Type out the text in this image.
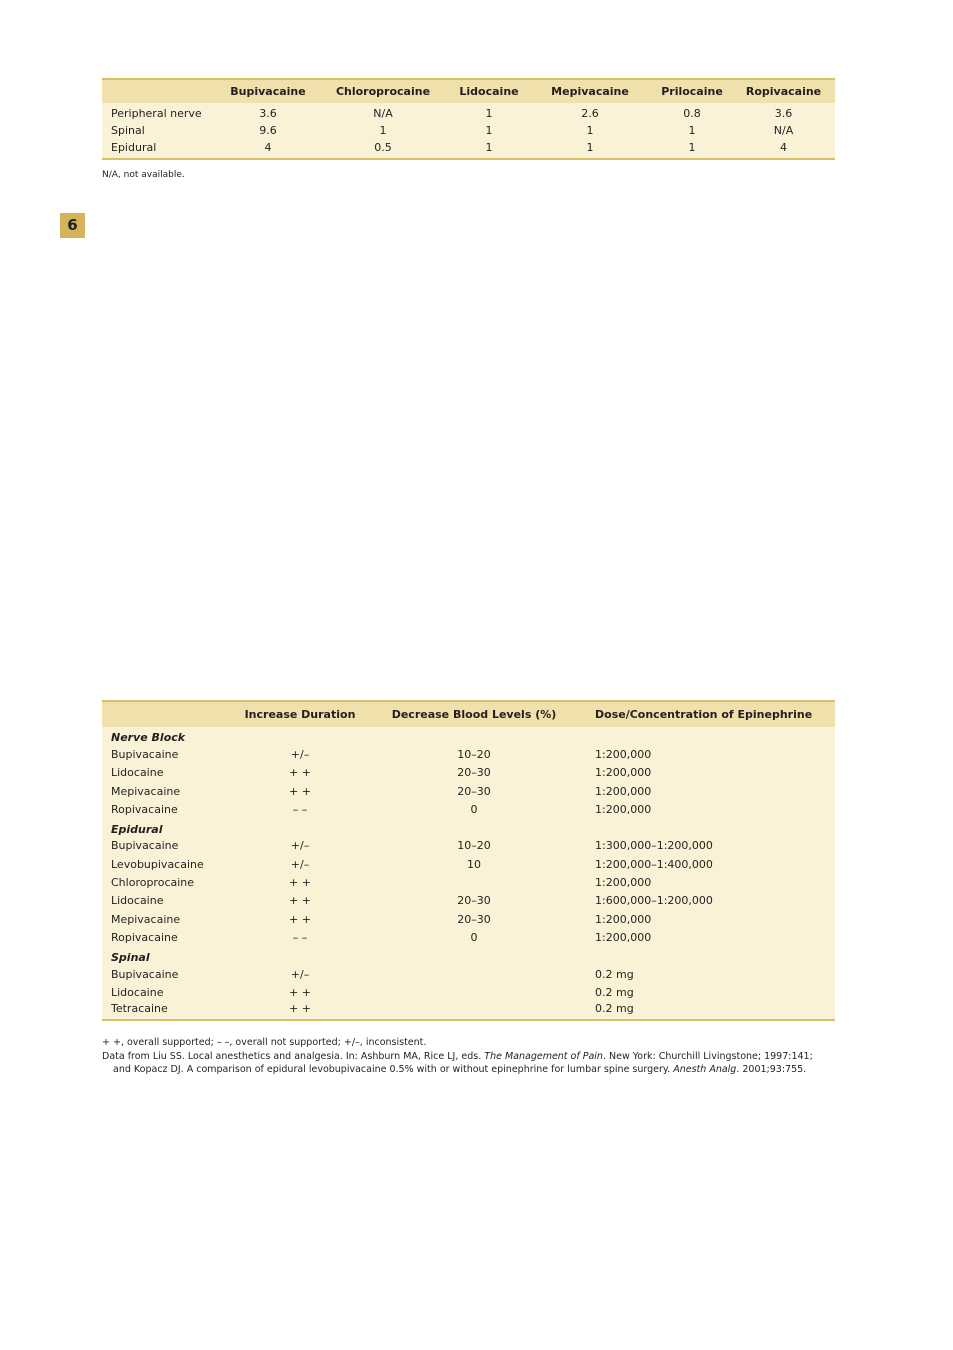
	Bupivacaine	Chloroprocaine	Lidocaine	Mepivacaine	Prilocaine	Ropivacaine
Peripheral nerve	3.6	N/A	1	2.6	0.8	3.6
Spinal	9.6	1	1	1	1	N/A
Epidural	4	0.5	1	1	1	4
N/A, not available.
6
	Increase Duration	Decrease Blood Levels (%)	Dose/Concentration of Epinephrine
Nerve Block			
Bupivacaine	+/–	10–20	1:200,000
Lidocaine	+ +	20–30	1:200,000
Mepivacaine	+ +	20–30	1:200,000
Ropivacaine	– –	0	1:200,000
Epidural			
Bupivacaine	+/–	10–20	1:300,000–1:200,000
Levobupivacaine	+/–	10	1:200,000–1:400,000
Chloroprocaine	+ +		1:200,000
Lidocaine	+ +	20–30	1:600,000–1:200,000
Mepivacaine	+ +	20–30	1:200,000
Ropivacaine	– –	0	1:200,000
Spinal			
Bupivacaine	+/–		0.2 mg
Lidocaine	+ +		0.2 mg
Tetracaine	+ +		0.2 mg
+ +, overall supported; – –, overall not supported; +/–, inconsistent.
Data from Liu SS. Local anesthetics and analgesia. In: Ashburn MA, Rice LJ, eds. The Management of Pain. New York: Churchill Livingstone; 1997:141;
and Kopacz DJ. A comparison of epidural levobupivacaine 0.5% with or without epinephrine for lumbar spine surgery. Anesth Analg. 2001;93:755.
